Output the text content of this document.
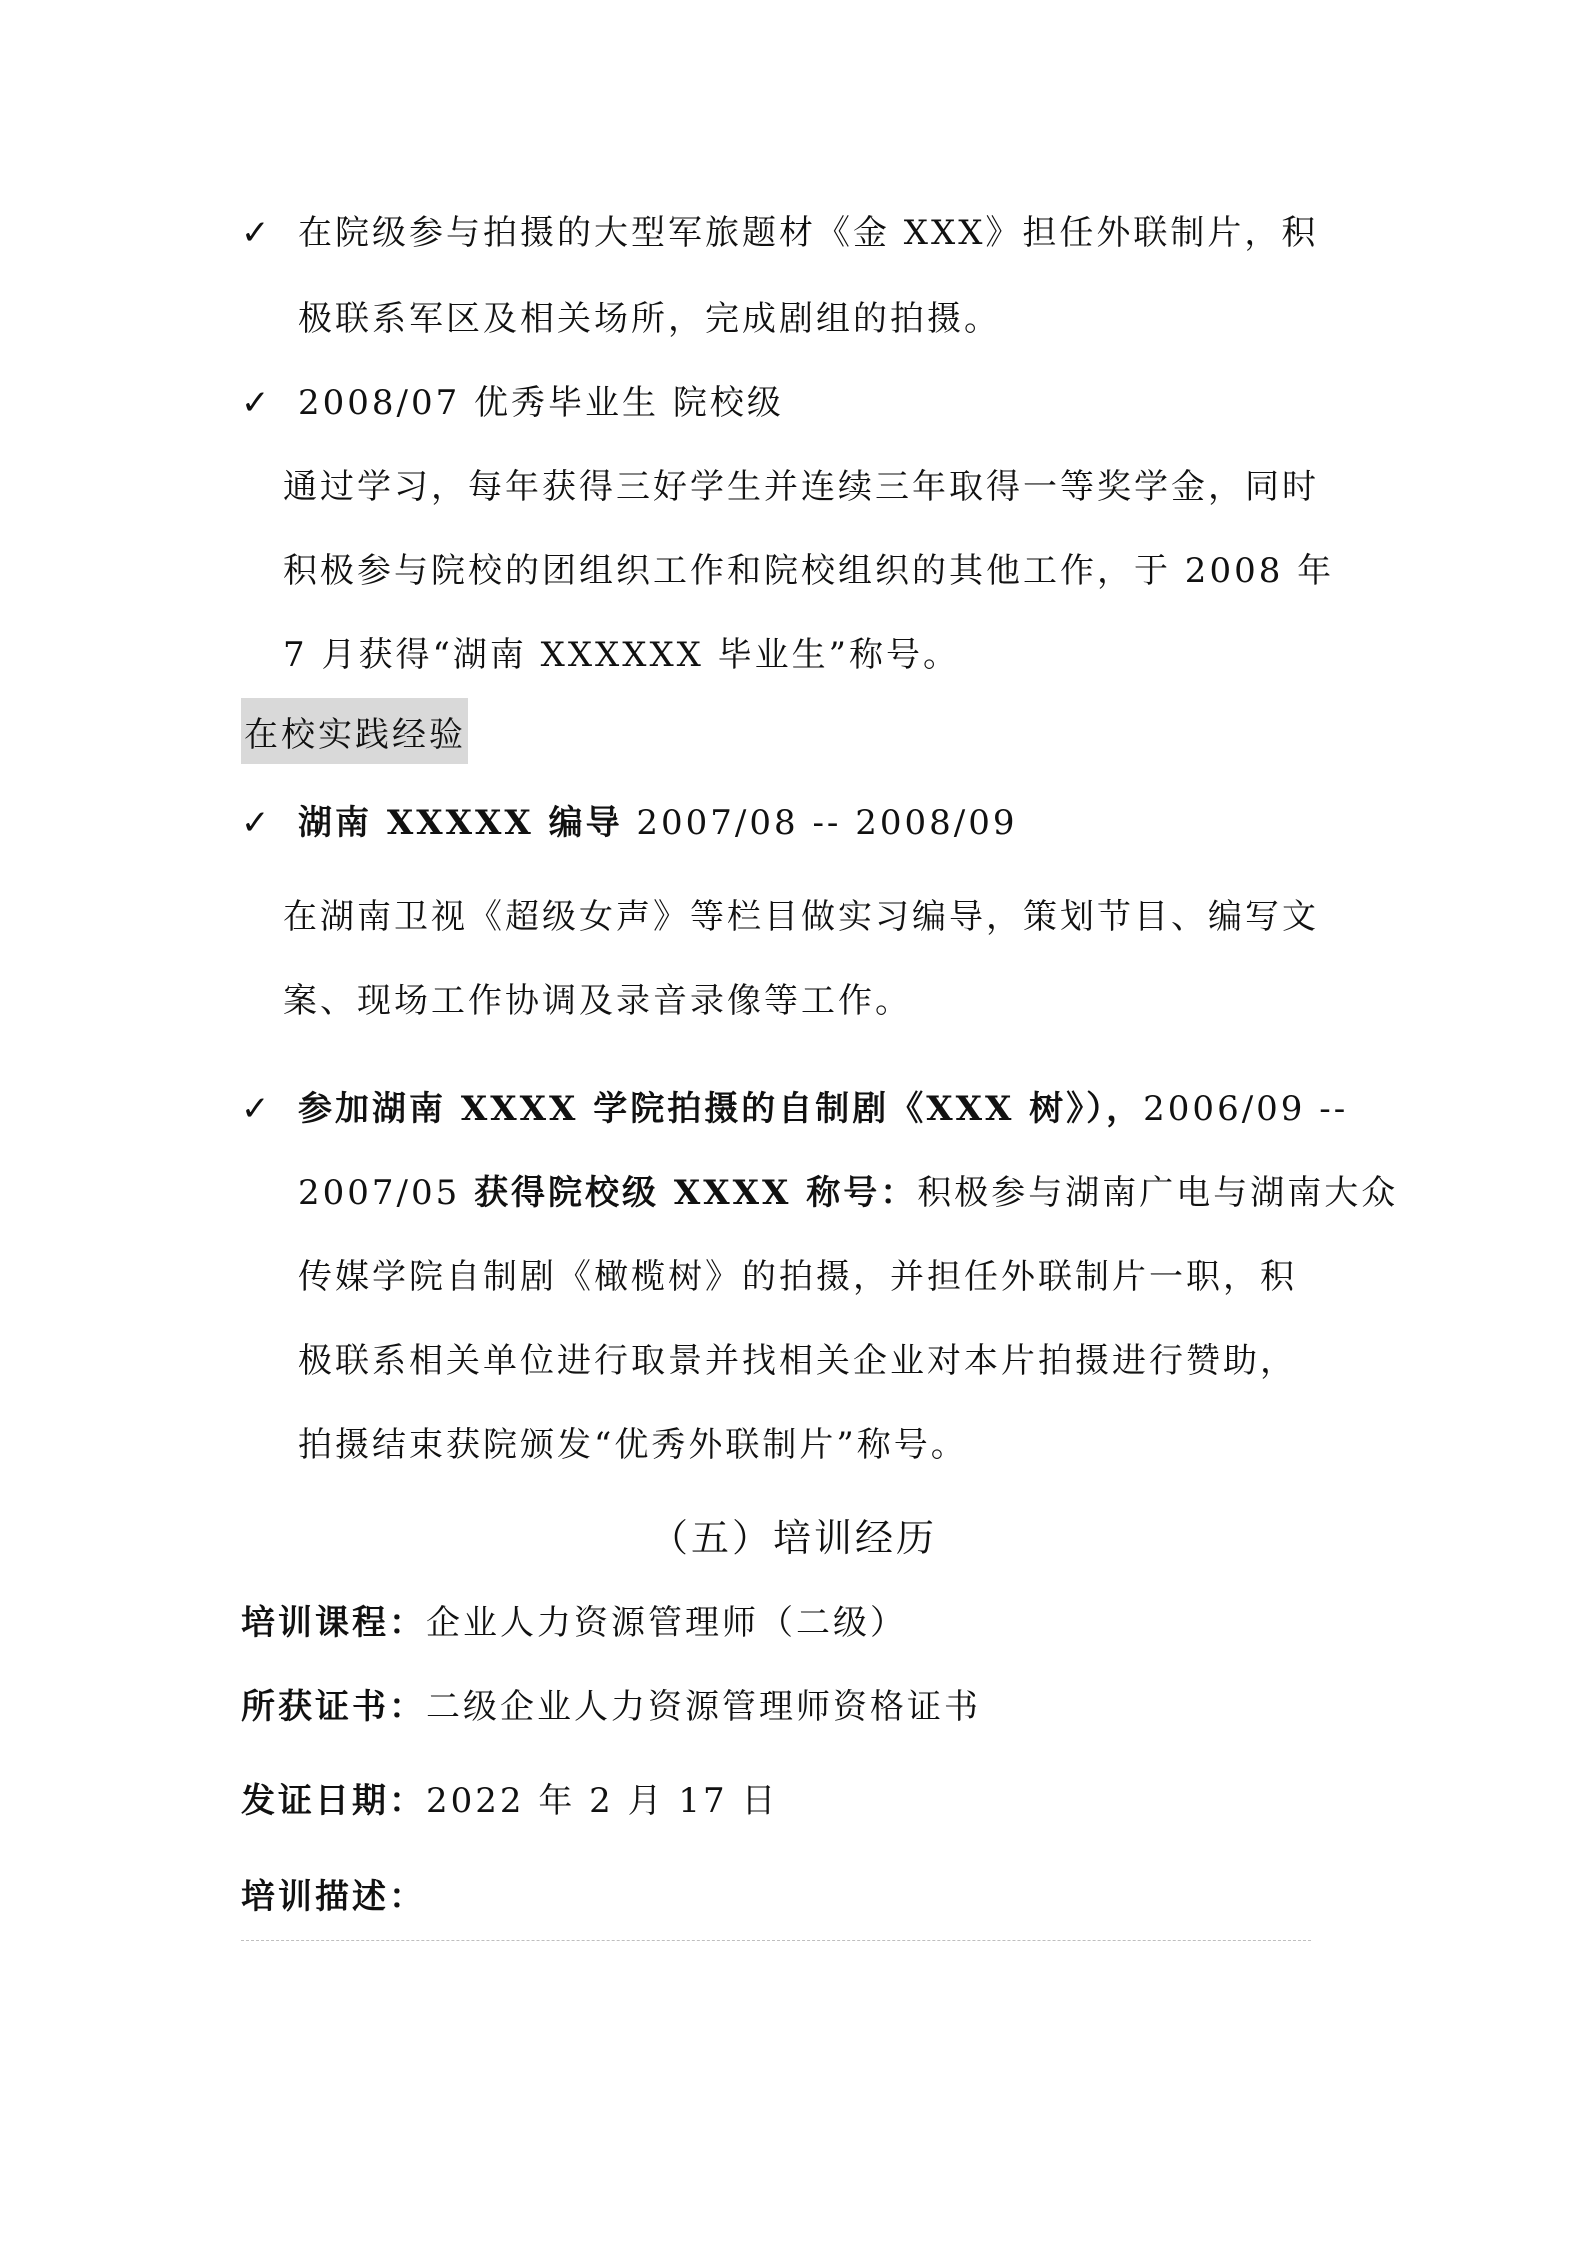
✓ 在院级参与拍摄的大型军旅题材《金 XXX》担任外联制片，积
极联系军区及相关场所，完成剧组的拍摄。
✓ 2008/07 优秀毕业生 院校级
通过学习，每年获得三好学生并连续三年取得一等奖学金，同时
积极参与院校的团组织工作和院校组织的其他工作，于 2008 年
7 月获得“湖南 XXXXXX 毕业生”称号。
在校实践经验
✓ 湖南 XXXXX 编导 2007/08 -- 2008/09
在湖南卫视《超级女声》等栏目做实习编导，策划节目、编写文
案、现场工作协调及录音录像等工作。
✓ 参加湖南 XXXX 学院拍摄的自制剧《XXX 树》），2006/09 --
2007/05 获得院校级 XXXX 称号：积极参与湖南广电与湖南大众
传媒学院自制剧《橄榄树》的拍摄，并担任外联制片一职，积
极联系相关单位进行取景并找相关企业对本片拍摄进行赞助，
拍摄结束获院颁发“优秀外联制片”称号。
（五）培训经历
培训课程：企业人力资源管理师（二级）
所获证书：二级企业人力资源管理师资格证书
发证日期：2022 年 2 月 17 日
培训描述：
